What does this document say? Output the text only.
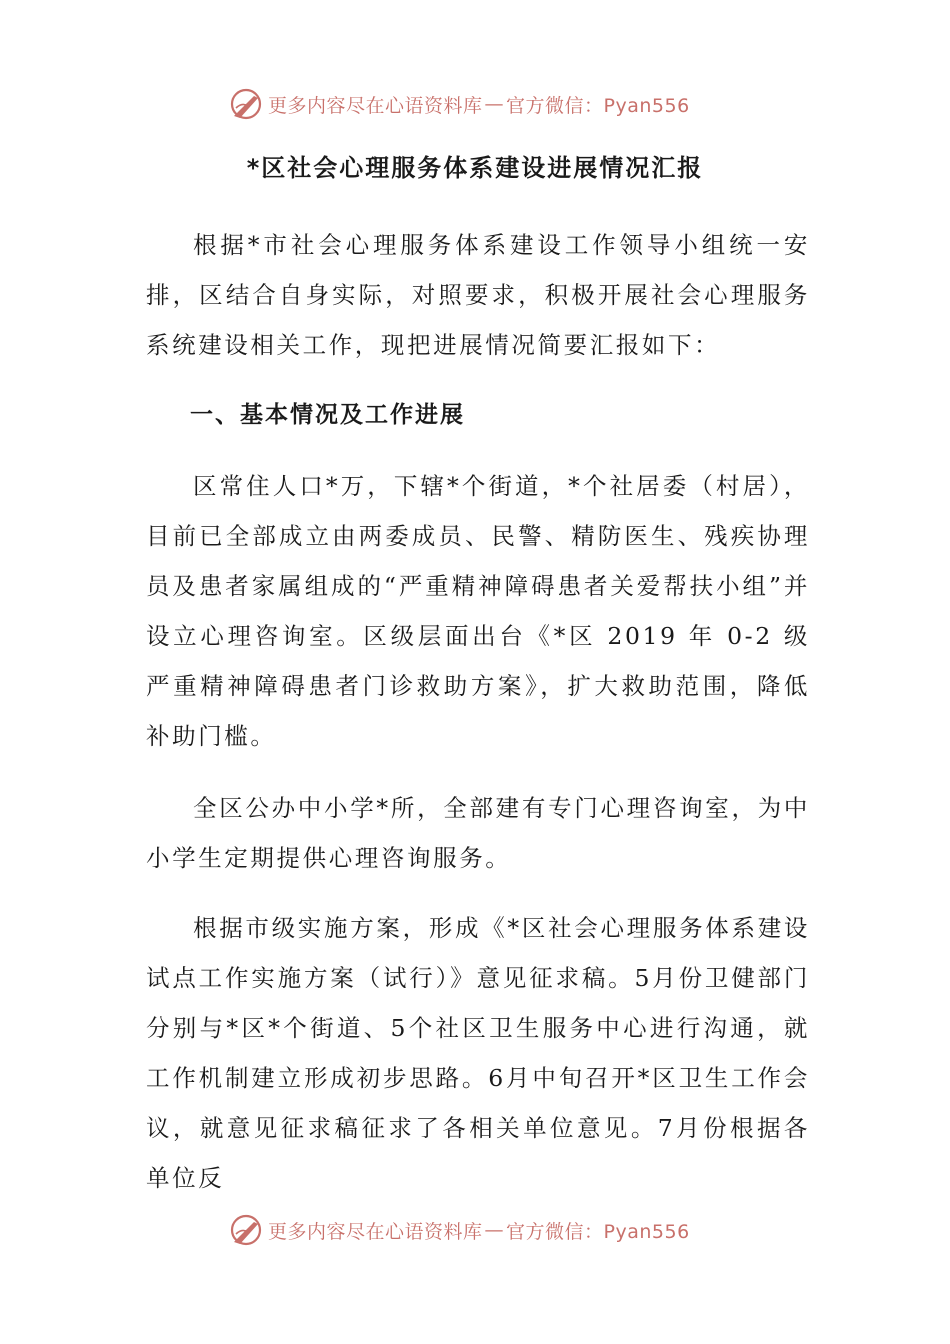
更多内容尽在心语资料库 — 官方微信：Pyan556
*区社会心理服务体系建设进展情况汇报

根据*市社会心理服务体系建设工作领导小组统一安排，区结合自身实际，对照要求，积极开展社会心理服务系统建设相关工作，现把进展情况简要汇报如下：

一、基本情况及工作进展

区常住人口*万，下辖*个街道，*个社居委（村居），目前已全部成立由两委成员、民警、精防医生、残疾协理员及患者家属组成的“严重精神障碍患者关爱帮扶小组”并设立心理咨询室。区级层面出台《*区 2019 年 0-2 级严重精神障碍患者门诊救助方案》，扩大救助范围，降低补助门槛。

全区公办中小学*所，全部建有专门心理咨询室，为中小学生定期提供心理咨询服务。

根据市级实施方案，形成《*区社会心理服务体系建设试点工作实施方案（试行）》意见征求稿。5月份卫健部门分别与*区*个街道、5个社区卫生服务中心进行沟通，就工作机制建立形成初步思路。6月中旬召开*区卫生工作会议，就意见征求稿征求了各相关单位意见。7月份根据各单位反

更多内容尽在心语资料库 — 官方微信：Pyan556
